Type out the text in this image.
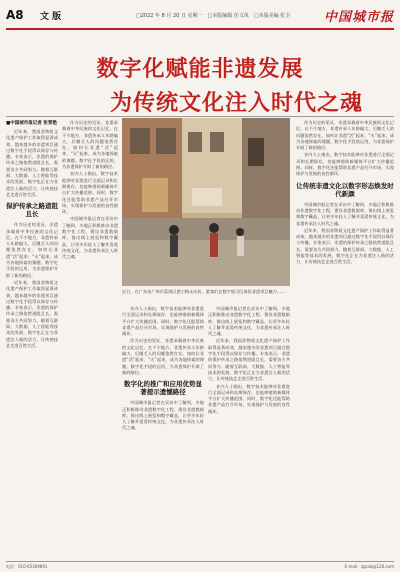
A8 文 版	□2022 年 8 月 20 日 星期一　□本版编辑 任文凤　□本版美编 张卫	中国城市报
数字化赋能非遗发展
为传统文化注入时代之魂
■中国城市报记者 张雪艳

近年来，我国非物质文化遗产保护工作取得显著成效，越来越多的非遗项目通过数字化手段得以保存与传播。专家表示，非遗的保护传承之路依然道阻且长，需要各方共同努力。随着互联网、大数据、人工智能等技术的发展，数字化正在为非遗注入新的活力，让传统技艺走进百姓生活。

保护传承之路道阻且长

作为历史的见证，非遗承载着中华民族的文化记忆。在不少地方，非遗传承人年龄偏大、后继乏人的问题依然存在。如何让非遗“活”起来、“火”起来，成为各地探索的课题。数字化手段的运用，为非遗保护开辟了新的路径。

近年来，我国非物质文化遗产保护工作取得显著成效，越来越多的非遗项目通过数字化手段得以保存与传播。专家表示，非遗的保护传承之路依然道阻且长，需要各方共同努力。随着互联网、大数据、人工智能等技术的发展，数字化正在为非遗注入新的活力，让传统技艺走进百姓生活。

作为历史的见证，非遗承载着中华民族的文化记忆。在不少地方，非遗传承人年龄偏大、后继乏人的问题依然存在。如何让非遗“活”起来、“火”起来，成为各地探索的课题。数字化手段的运用，为非遗保护开辟了新的路径。

业内人士指出，数字技术能够对非遗进行全面记录和长期保存，也能够借助新媒体平台扩大传播范围。同时，数字化还能帮助非遗产品打开市场，实现保护与发展的良性循环。

中国城市报记者在采访中了解到，多地正积极推动非遗数字化工程，建设非遗数据库，推出线上展览和数字藏品，让更多年轻人了解并喜爱传统文化，为非遗传承注入时代之魂。

近日，在广东省广州市荔湾区恩宁路永庆坊，游客们在数字展示区体验非遗项目魅力……

业内人士指出，数字技术能够对非遗进行全面记录和长期保存，也能够借助新媒体平台扩大传播范围。同时，数字化还能帮助非遗产品打开市场，实现保护与发展的良性循环。

作为历史的见证，非遗承载着中华民族的文化记忆。在不少地方，非遗传承人年龄偏大、后继乏人的问题依然存在。如何让非遗“活”起来、“火”起来，成为各地探索的课题。数字化手段的运用，为非遗保护开辟了新的路径。

数字化的推广和应用优势显著提示遗憾路径

中国城市报记者在采访中了解到，多地正积极推动非遗数字化工程，建设非遗数据库，推出线上展览和数字藏品，让更多年轻人了解并喜爱传统文化，为非遗传承注入时代之魂。

中国城市报记者在采访中了解到，多地正积极推动非遗数字化工程，建设非遗数据库，推出线上展览和数字藏品，让更多年轻人了解并喜爱传统文化，为非遗传承注入时代之魂。

近年来，我国非物质文化遗产保护工作取得显著成效，越来越多的非遗项目通过数字化手段得以保存与传播。专家表示，非遗的保护传承之路依然道阻且长，需要各方共同努力。随着互联网、大数据、人工智能等技术的发展，数字化正在为非遗注入新的活力，让传统技艺走进百姓生活。

业内人士指出，数字技术能够对非遗进行全面记录和长期保存，也能够借助新媒体平台扩大传播范围。同时，数字化还能帮助非遗产品打开市场，实现保护与发展的良性循环。

作为历史的见证，非遗承载着中华民族的文化记忆。在不少地方，非遗传承人年龄偏大、后继乏人的问题依然存在。如何让非遗“活”起来、“火”起来，成为各地探索的课题。数字化手段的运用，为非遗保护开辟了新的路径。

业内人士指出，数字技术能够对非遗进行全面记录和长期保存，也能够借助新媒体平台扩大传播范围。同时，数字化还能帮助非遗产品打开市场，实现保护与发展的良性循环。

让传统非遗文化以数字形态焕发时代新颜

中国城市报记者在采访中了解到，多地正积极推动非遗数字化工程，建设非遗数据库，推出线上展览和数字藏品，让更多年轻人了解并喜爱传统文化，为非遗传承注入时代之魂。

近年来，我国非物质文化遗产保护工作取得显著成效，越来越多的非遗项目通过数字化手段得以保存与传播。专家表示，非遗的保护传承之路依然道阻且长，需要各方共同努力。随着互联网、大数据、人工智能等技术的发展，数字化正在为非遗注入新的活力，让传统技艺走进百姓生活。

电话：010-65369891	E-mail：zgcsb@126.com
